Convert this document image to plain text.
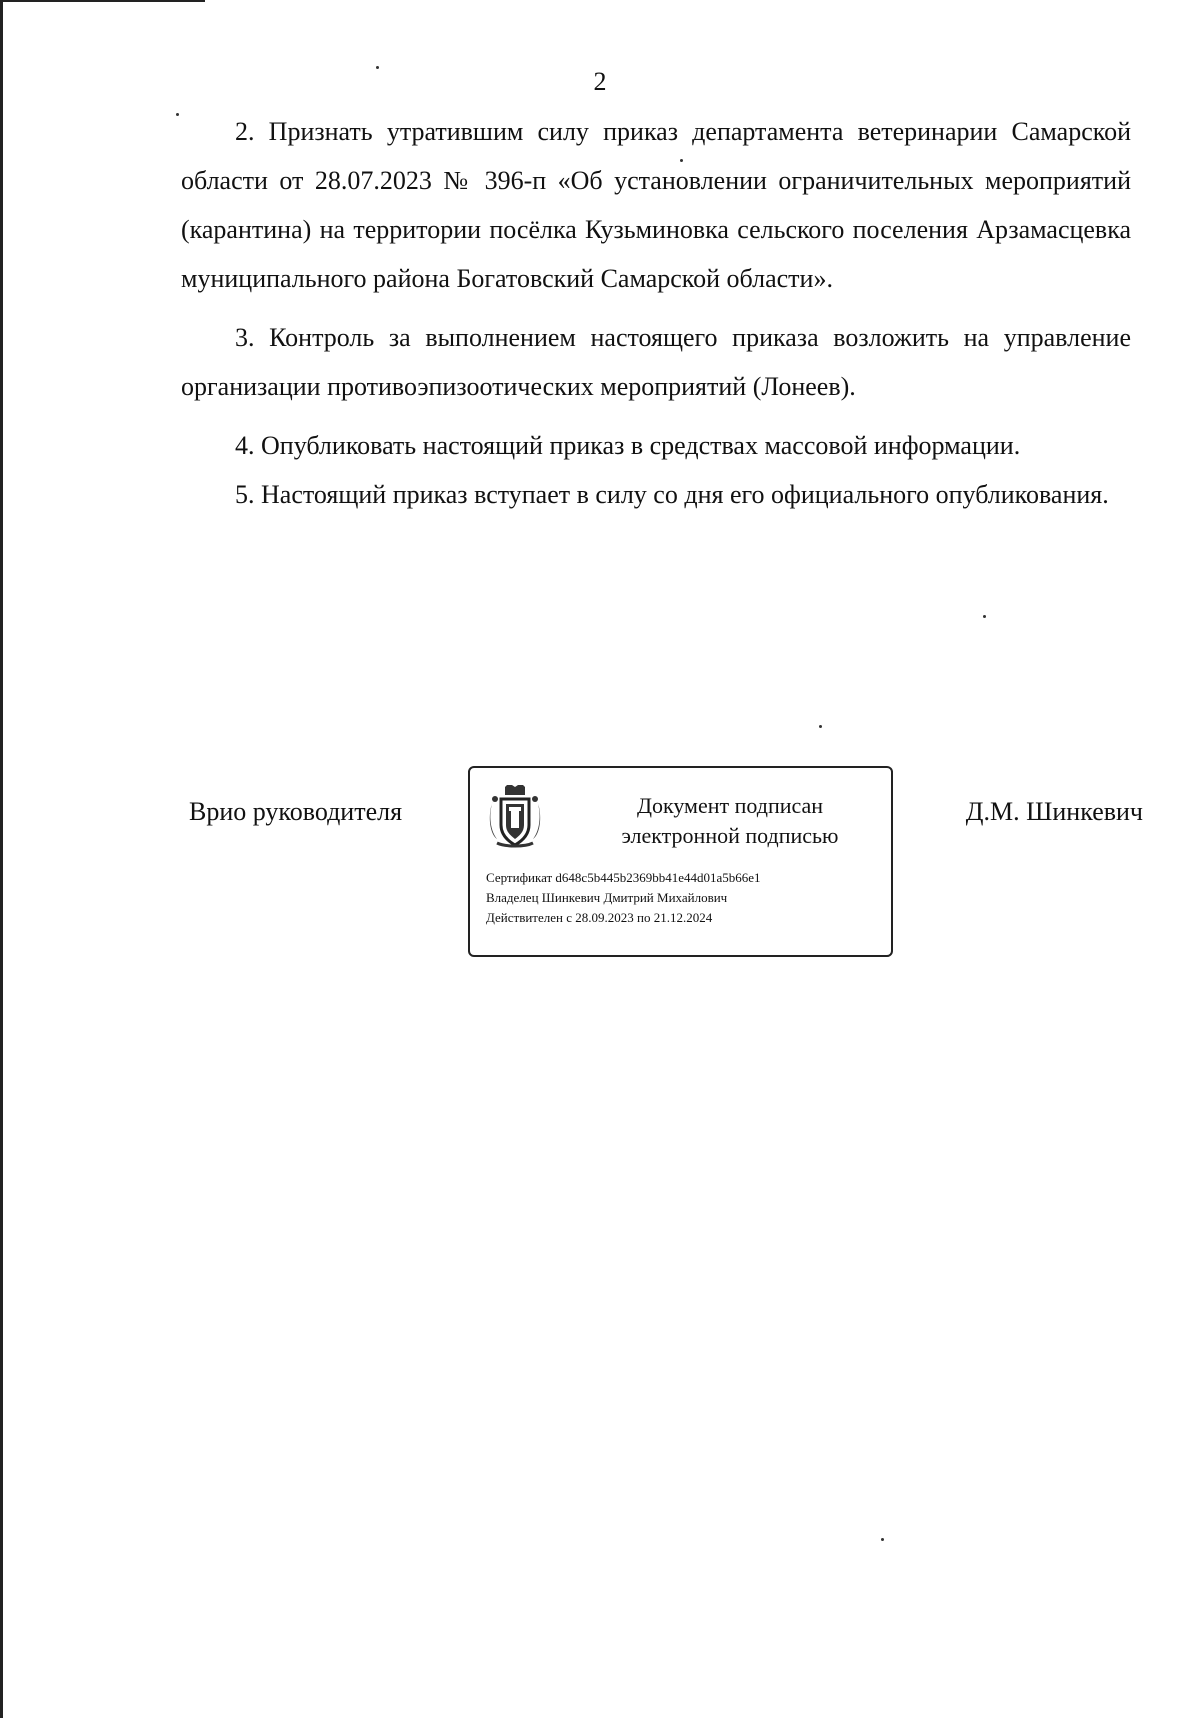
2

2. Признать утратившим силу приказ департамента ветеринарии Самарской области от 28.07.2023 № 396-п «Об установлении ограничительных мероприятий (карантина) на территории посёлка Кузьминовка сельского поселения Арзамасцевка муниципального района Богатовский Самарской области».

3. Контроль за выполнением настоящего приказа возложить на управление организации противоэпизоотических мероприятий (Лонеев).

4. Опубликовать настоящий приказ в средствах массовой информации.

5. Настоящий приказ вступает в силу со дня его официального опубликования.

Врио руководителя	Д.М. Шинкевич
Документ подписан
электронной подписью
Сертификат d648c5b445b2369bb41e44d01a5b66e1
Владелец Шинкевич Дмитрий Михайлович
Действителен с 28.09.2023 по 21.12.2024
